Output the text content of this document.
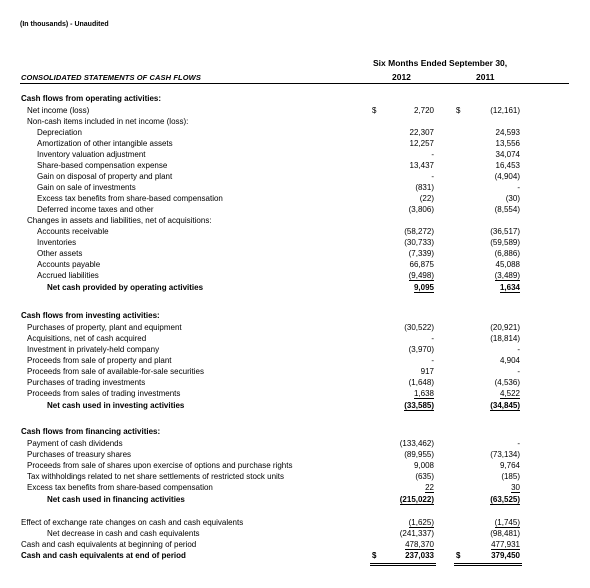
(In thousands) - Unaudited
Six Months Ended September 30,
CONSOLIDATED STATEMENTS OF CASH FLOWS	2012	2011
Cash flows from operating activities:
Net income (loss)	$	2,720	$	(12,161)
Non-cash items included in net income (loss):
Depreciation	22,307	24,593
Amortization of other intangible assets	12,257	13,556
Inventory valuation adjustment	-	34,074
Share-based compensation expense	13,437	16,453
Gain on disposal of property and plant	-	(4,904)
Gain on sale of investments	(831)	-
Excess tax benefits from share-based compensation	(22)	(30)
Deferred income taxes and other	(3,806)	(8,554)
Changes in assets and liabilities, net of acquisitions:
Accounts receivable	(58,272)	(36,517)
Inventories	(30,733)	(59,589)
Other assets	(7,339)	(6,886)
Accounts payable	66,875	45,088
Accrued liabilities	(9,498)	(3,489)
Net cash provided by operating activities	9,095	1,634
Cash flows from investing activities:
Purchases of property, plant and equipment	(30,522)	(20,921)
Acquisitions, net of cash acquired	-	(18,814)
Investment in privately-held company	(3,970)	-
Proceeds from sale of property and plant	-	4,904
Proceeds from sale of available-for-sale securities	917	-
Purchases of trading investments	(1,648)	(4,536)
Proceeds from sales of trading investments	1,638	4,522
Net cash used in investing activities	(33,585)	(34,845)
Cash flows from financing activities:
Payment of cash dividends	(133,462)	-
Purchases of treasury shares	(89,955)	(73,134)
Proceeds from sale of shares upon exercise of options and purchase rights	9,008	9,764
Tax withholdings related to net share settlements of restricted stock units	(635)	(185)
Excess tax benefits from share-based compensation	22	30
Net cash used in financing activities	(215,022)	(63,525)
Effect of exchange rate changes on cash and cash equivalents	(1,625)	(1,745)
Net decrease in cash and cash equivalents	(241,337)	(98,481)
Cash and cash equivalents at beginning of period	478,370	477,931
Cash and cash equivalents at end of period	$	237,033	$	379,450
